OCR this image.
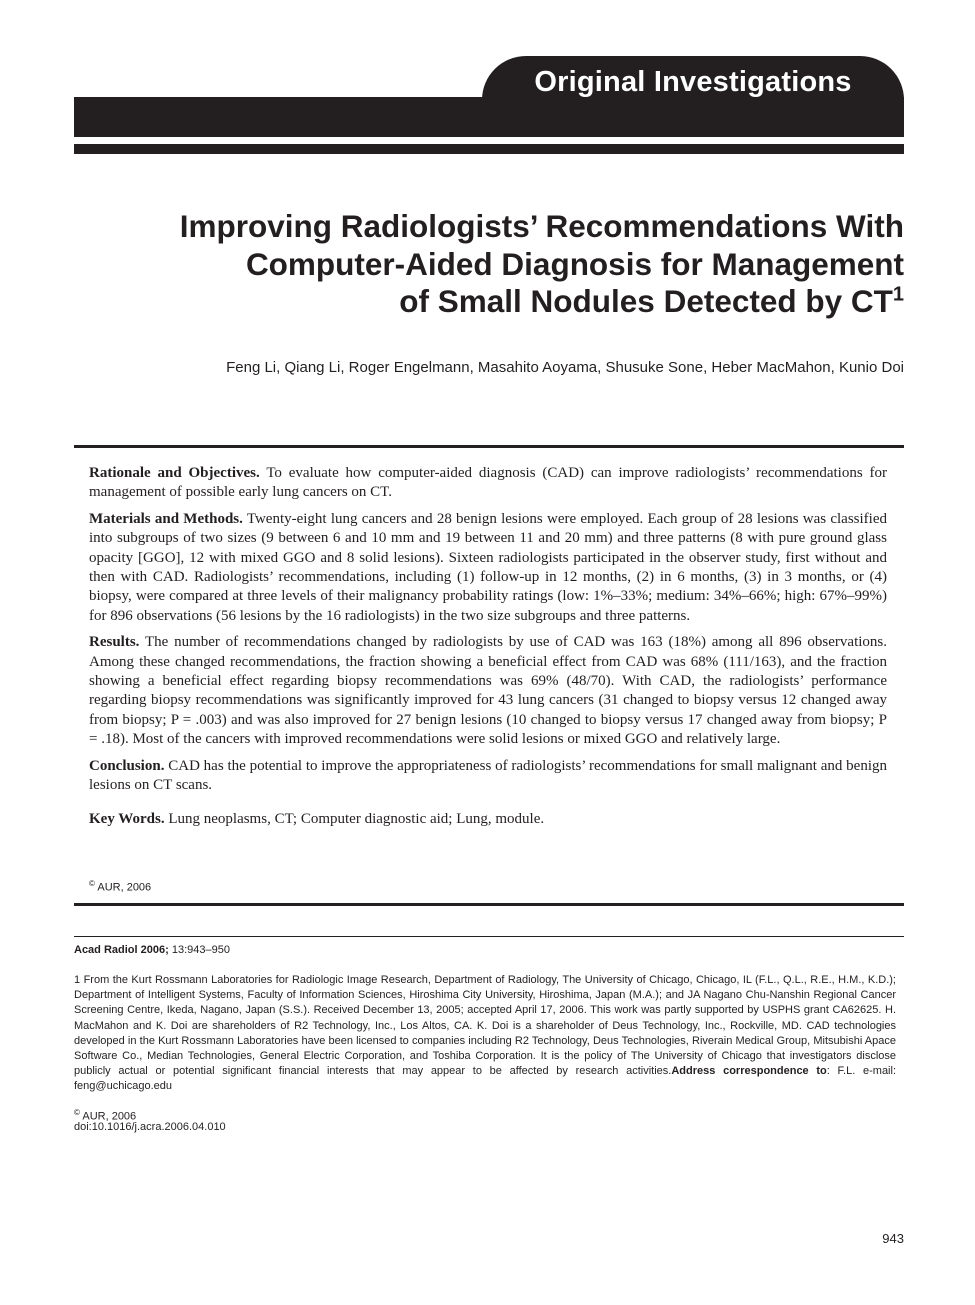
Original Investigations
Improving Radiologists’ Recommendations With
Computer-Aided Diagnosis for Management
of Small Nodules Detected by $CT^1$
Feng Li, Qiang Li, Roger Engelmann, Masahito Aoyama, Shusuke Sone, Heber MacMahon, Kunio Doi

Rationale and Objectives. To evaluate how computer-aided diagnosis (CAD) can improve radiologists’ recommendations for management of possible early lung cancers on CT.

Materials and Methods. Twenty-eight lung cancers and 28 benign lesions were employed. Each group of 28 lesions was classified into subgroups of two sizes (9 between 6 and 10 mm and 19 between 11 and 20 mm) and three patterns (8 with pure ground glass opacity [GGO], 12 with mixed GGO and 8 solid lesions). Sixteen radiologists participated in the observer study, first without and then with CAD. Radiologists’ recommendations, including (1) follow-up in 12 months, (2) in 6 months, (3) in 3 months, or (4) biopsy, were compared at three levels of their malignancy probability ratings (low: 1%–33%; medium: 34%–66%; high: 67%–99%) for 896 observations (56 lesions by the 16 radiologists) in the two size subgroups and three patterns.

Results. The number of recommendations changed by radiologists by use of CAD was 163 (18%) among all 896 observations. Among these changed recommendations, the fraction showing a beneficial effect from CAD was 68% (111/163), and the fraction showing a beneficial effect regarding biopsy recommendations was 69% (48/70). With CAD, the radiologists’ performance regarding biopsy recommendations was significantly improved for 43 lung cancers (31 changed to biopsy versus 12 changed away from biopsy; P = .003) and was also improved for 27 benign lesions (10 changed to biopsy versus 17 changed away from biopsy; P = .18). Most of the cancers with improved recommendations were solid lesions or mixed GGO and relatively large.

Conclusion. CAD has the potential to improve the appropriateness of radiologists’ recommendations for small malignant and benign lesions on CT scans.

Key Words. Lung neoplasms, CT; Computer diagnostic aid; Lung, module.

© AUR, 2006
Acad Radiol 2006; 13:943–950
1 From the Kurt Rossmann Laboratories for Radiologic Image Research, Department of Radiology, The University of Chicago, Chicago, IL (F.L., Q.L., R.E., H.M., K.D.); Department of Intelligent Systems, Faculty of Information Sciences, Hiroshima City University, Hiroshima, Japan (M.A.); and JA Nagano Chu-Nanshin Regional Cancer Screening Centre, Ikeda, Nagano, Japan (S.S.). Received December 13, 2005; accepted April 17, 2006. This work was partly supported by USPHS grant CA62625. H. MacMahon and K. Doi are shareholders of R2 Technology, Inc., Los Altos, CA. K. Doi is a shareholder of Deus Technology, Inc., Rockville, MD. CAD technologies developed in the Kurt Rossmann Laboratories have been licensed to companies including R2 Technology, Deus Technologies, Riverain Medical Group, Mitsubishi Apace Software Co., Median Technologies, General Electric Corporation, and Toshiba Corporation. It is the policy of The University of Chicago that investigators disclose publicly actual or potential significant financial interests that may appear to be affected by research activities.Address correspondence to: F.L. e-mail: feng@uchicago.edu
© AUR, 2006
doi:10.1016/j.acra.2006.04.010
943
